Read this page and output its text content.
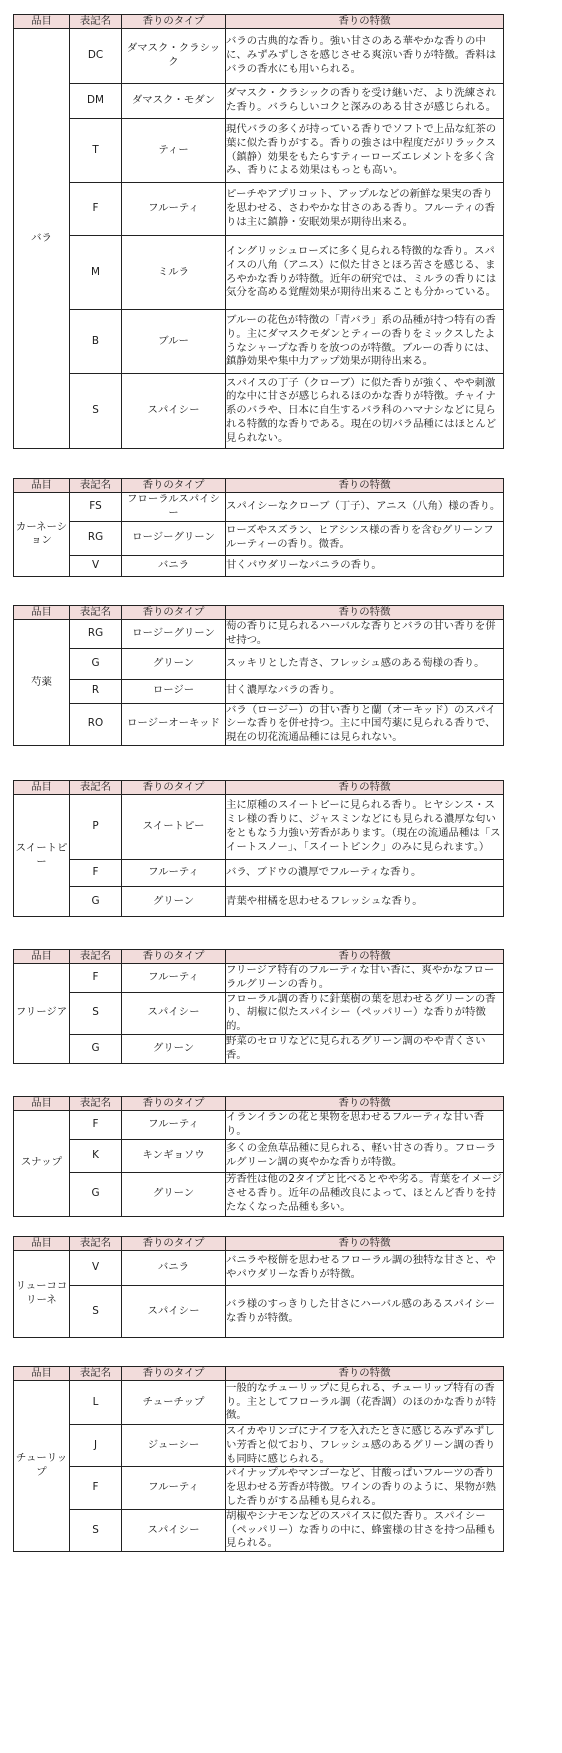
品目	表記名	香りのタイプ	香りの特徴
バラ	DC	ダマスク・クラシック	バラの古典的な香り。強い甘さのある華やかな香りの中に、みずみずしさを感じさせる爽涼い香りが特徴。香料はバラの香水にも用いられる。
	DM	ダマスク・モダン	ダマスク・クラシックの香りを受け継いだ、より洗練された香り。バラらしいコクと深みのある甘さが感じられる。
	T	ティー	現代バラの多くが持っている香りでソフトで上品な紅茶の葉に似た香りがする。香りの強さは中程度だがリラックス（鎮静）効果をもたらすティーローズエレメントを多く含み、香りによる効果はもっとも高い。
	F	フルーティ	ピーチやアプリコット、アップルなどの新鮮な果実の香りを思わせる、さわやかな甘さのある香り。フルーティの香りは主に鎮静・安眠効果が期待出来る。
	M	ミルラ	イングリッシュローズに多く見られる特徴的な香り。スパイスの八角（アニス）に似た甘さとほろ苦さを感じる、まろやかな香りが特徴。近年の研究では、ミルラの香りには気分を高める覚醒効果が期待出来ることも分かっている。
	B	ブルー	ブルーの花色が特徴の「青バラ」系の品種が持つ特有の香り。主にダマスクモダンとティーの香りをミックスしたようなシャープな香りを放つのが特徴。ブルーの香りには、鎮静効果や集中力アップ効果が期待出来る。
	S	スパイシー	スパイスの丁子（クローブ）に似た香りが強く、やや刺激的な中に甘さが感じられるほのかな香りが特徴。チャイナ系のバラや、日本に自生するバラ科のハマナシなどに見られる特徴的な香りである。現在の切バラ品種にはほとんど見られない。
品目	表記名	香りのタイプ	香りの特徴
カーネーション	FS	フローラルスパイシー	スパイシーなクローブ（丁子）、アニス（八角）様の香り。
	RG	ロージーグリーン	ローズやスズラン、ヒアシンス様の香りを含むグリーンフルーティーの香り。微香。
	V	バニラ	甘くパウダリーなバニラの香り。
品目	表記名	香りのタイプ	香りの特徴
芍薬	RG	ロージーグリーン	萄の香りに見られるハーバルな香りとバラの甘い香りを併せ持つ。
	G	グリーン	スッキリとした青さ、フレッシュ感のある萄様の香り。
	R	ロージー	甘く濃厚なバラの香り。
	RO	ロージーオーキッド	バラ（ロージー）の甘い香りと蘭（オーキッド）のスパイシーな香りを併せ持つ。主に中国芍薬に見られる香りで、現在の切花流通品種には見られない。
品目	表記名	香りのタイプ	香りの特徴
スイートピー	P	スイートピー	主に原種のスイートピーに見られる香り。ヒヤシンス・スミレ様の香りに、ジャスミンなどにも見られる濃厚な匂いをともなう力強い芳香があります。（現在の流通品種は「スイートスノー」、「スイートピンク」のみに見られます。）
	F	フルーティ	バラ、ブドウの濃厚でフルーティな香り。
	G	グリーン	青葉や柑橘を思わせるフレッシュな香り。
品目	表記名	香りのタイプ	香りの特徴
フリージア	F	フルーティ	フリージア特有のフルーティな甘い香に、爽やかなフローラルグリーンの香り。
	S	スパイシー	フローラル調の香りに針葉樹の葉を思わせるグリーンの香り、胡椒に似たスパイシー（ペッパリー）な香りが特徴的。
	G	グリーン	野菜のセロリなどに見られるグリーン調のやや青くさい香。
品目	表記名	香りのタイプ	香りの特徴
スナップ	F	フルーティ	イランイランの花と果物を思わせるフルーティな甘い香り。
	K	キンギョソウ	多くの金魚草品種に見られる、軽い甘さの香り。フローラルグリーン調の爽やかな香りが特徴。
	G	グリーン	芳香性は他の2タイプと比べるとやや劣る。青葉をイメージさせる香り。近年の品種改良によって、ほとんど香りを持たなくなった品種も多い。
品目	表記名	香りのタイプ	香りの特徴
リューココリーネ	V	バニラ	バニラや桜餅を思わせるフローラル調の独特な甘さと、ややパウダリーな香りが特徴。
	S	スパイシー	バラ様のすっきりした甘さにハーバル感のあるスパイシーな香りが特徴。
品目	表記名	香りのタイプ	香りの特徴
チューリップ	L	チューチップ	一般的なチューリップに見られる、チューリップ特有の香り。主としてフローラル調（花香調）のほのかな香りが特徴。
	J	ジューシー	スイカやリンゴにナイフを入れたときに感じるみずみずしい芳香と似ており、フレッシュ感のあるグリーン調の香りも同時に感じられる。
	F	フルーティ	パイナップルやマンゴーなど、甘酸っぱいフルーツの香りを思わせる芳香が特徴。ワインの香りのように、果物が熟した香りがする品種も見られる。
	S	スパイシー	胡椒やシナモンなどのスパイスに似た香り。スパイシー（ペッパリー）な香りの中に、蜂蜜様の甘さを持つ品種も見られる。
